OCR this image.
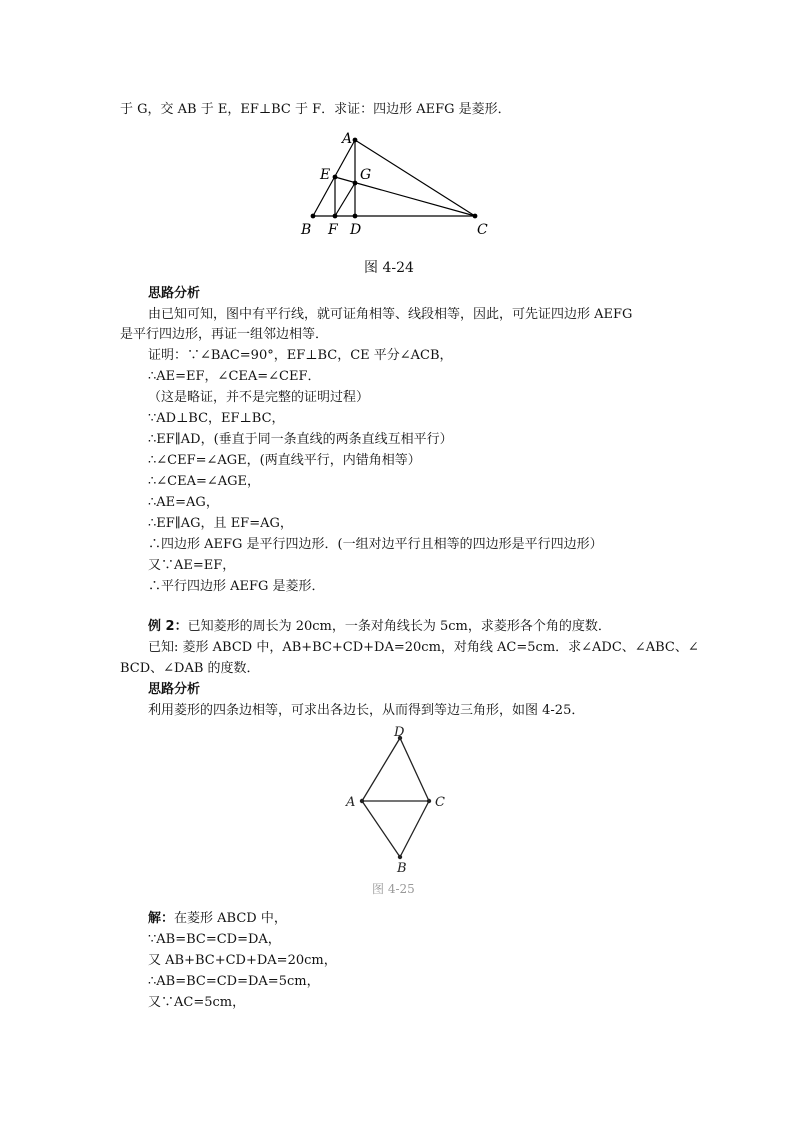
于 G，交 AB 于 E，EF⊥BC 于 F．求证：四边形 AEFG 是菱形．
A
E G
B F D	C
图 4-24
思路分析
由已知可知，图中有平行线，就可证角相等、线段相等，因此，可先证四边形 AEFG
是平行四边形，再证一组邻边相等．
证明：∵∠BAC=90°，EF⊥BC，CE 平分∠ACB，
∴AE=EF，∠CEA=∠CEF．
（这是略证，并不是完整的证明过程）
∵AD⊥BC，EF⊥BC，
∴EF∥AD，(垂直于同一条直线的两条直线互相平行）
∴∠CEF=∠AGE，(两直线平行，内错角相等）
∴∠CEA=∠AGE，
∴AE=AG，
∴EF∥AG，且 EF=AG，
∴四边形 AEFG 是平行四边形．(一组对边平行且相等的四边形是平行四边形）
又∵AE=EF，
∴平行四边形 AEFG 是菱形．
例 2：已知菱形的周长为 20cm，一条对角线长为 5cm，求菱形各个角的度数．
已知: 菱形 ABCD 中，AB+BC+CD+DA=20cm，对角线 AC=5cm．求∠ADC、∠ABC、∠
BCD、∠DAB 的度数．
思路分析
利用菱形的四条边相等，可求出各边长，从而得到等边三角形，如图 4-25．
D
A	C
B
图 4-25
解：在菱形 ABCD 中，
∵AB=BC=CD=DA，
又 AB+BC+CD+DA=20cm，
∴AB=BC=CD=DA=5cm，
又∵AC=5cm，
